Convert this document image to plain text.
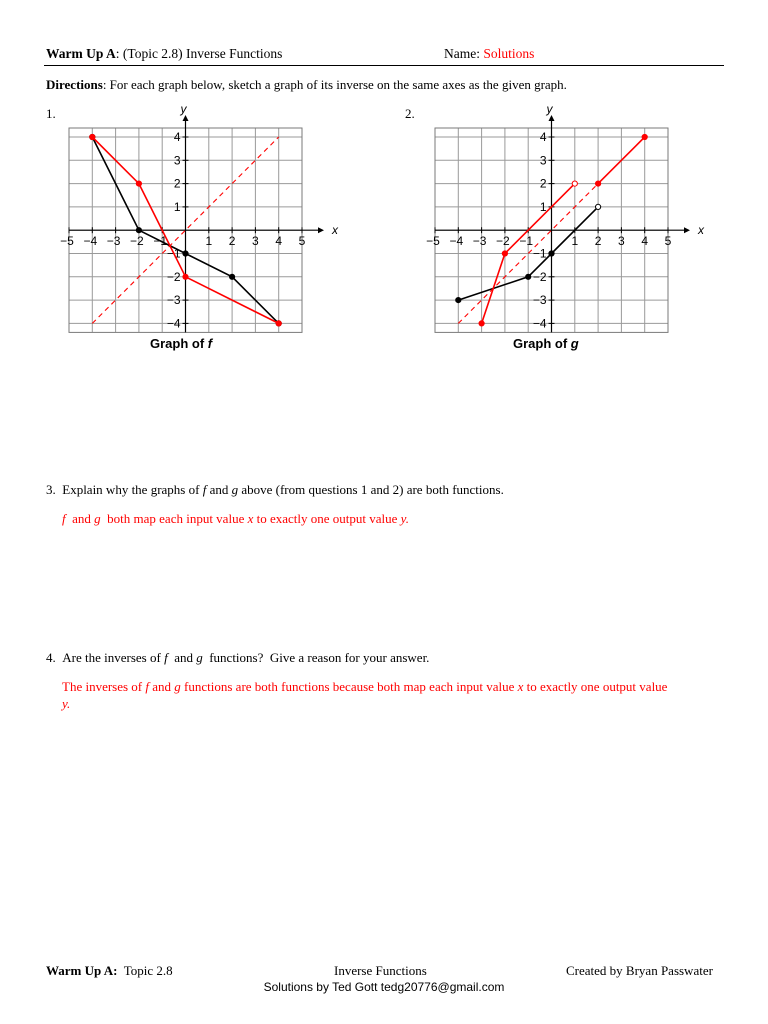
Warm Up A: (Topic 2.8) Inverse Functions	Name: Solutions
Directions: For each graph below, sketch a graph of its inverse on the same axes as the given graph.
1.	2.
−5 −4 −3 −2 −1	1 2 3 4 5
4
3
2
1
−1
−2
−3
−4
y
x
Graph of f
−5 −4 −3 −2 −1	1 2 3 4 5
4
3
2
1
−1
−2
−3
−4
y
x
Graph of g
3. Explain why the graphs of f and g above (from questions 1 and 2) are both functions.
f  and g  both map each input value x to exactly one output value y.
4. Are the inverses of f  and g  functions?  Give a reason for your answer.
The inverses of f and g functions are both functions because both map each input value x to exactly one output value
y.
Warm Up A:  Topic 2.8	Inverse Functions	Created by Bryan Passwater
Solutions by Ted Gott tedg20776@gmail.com
